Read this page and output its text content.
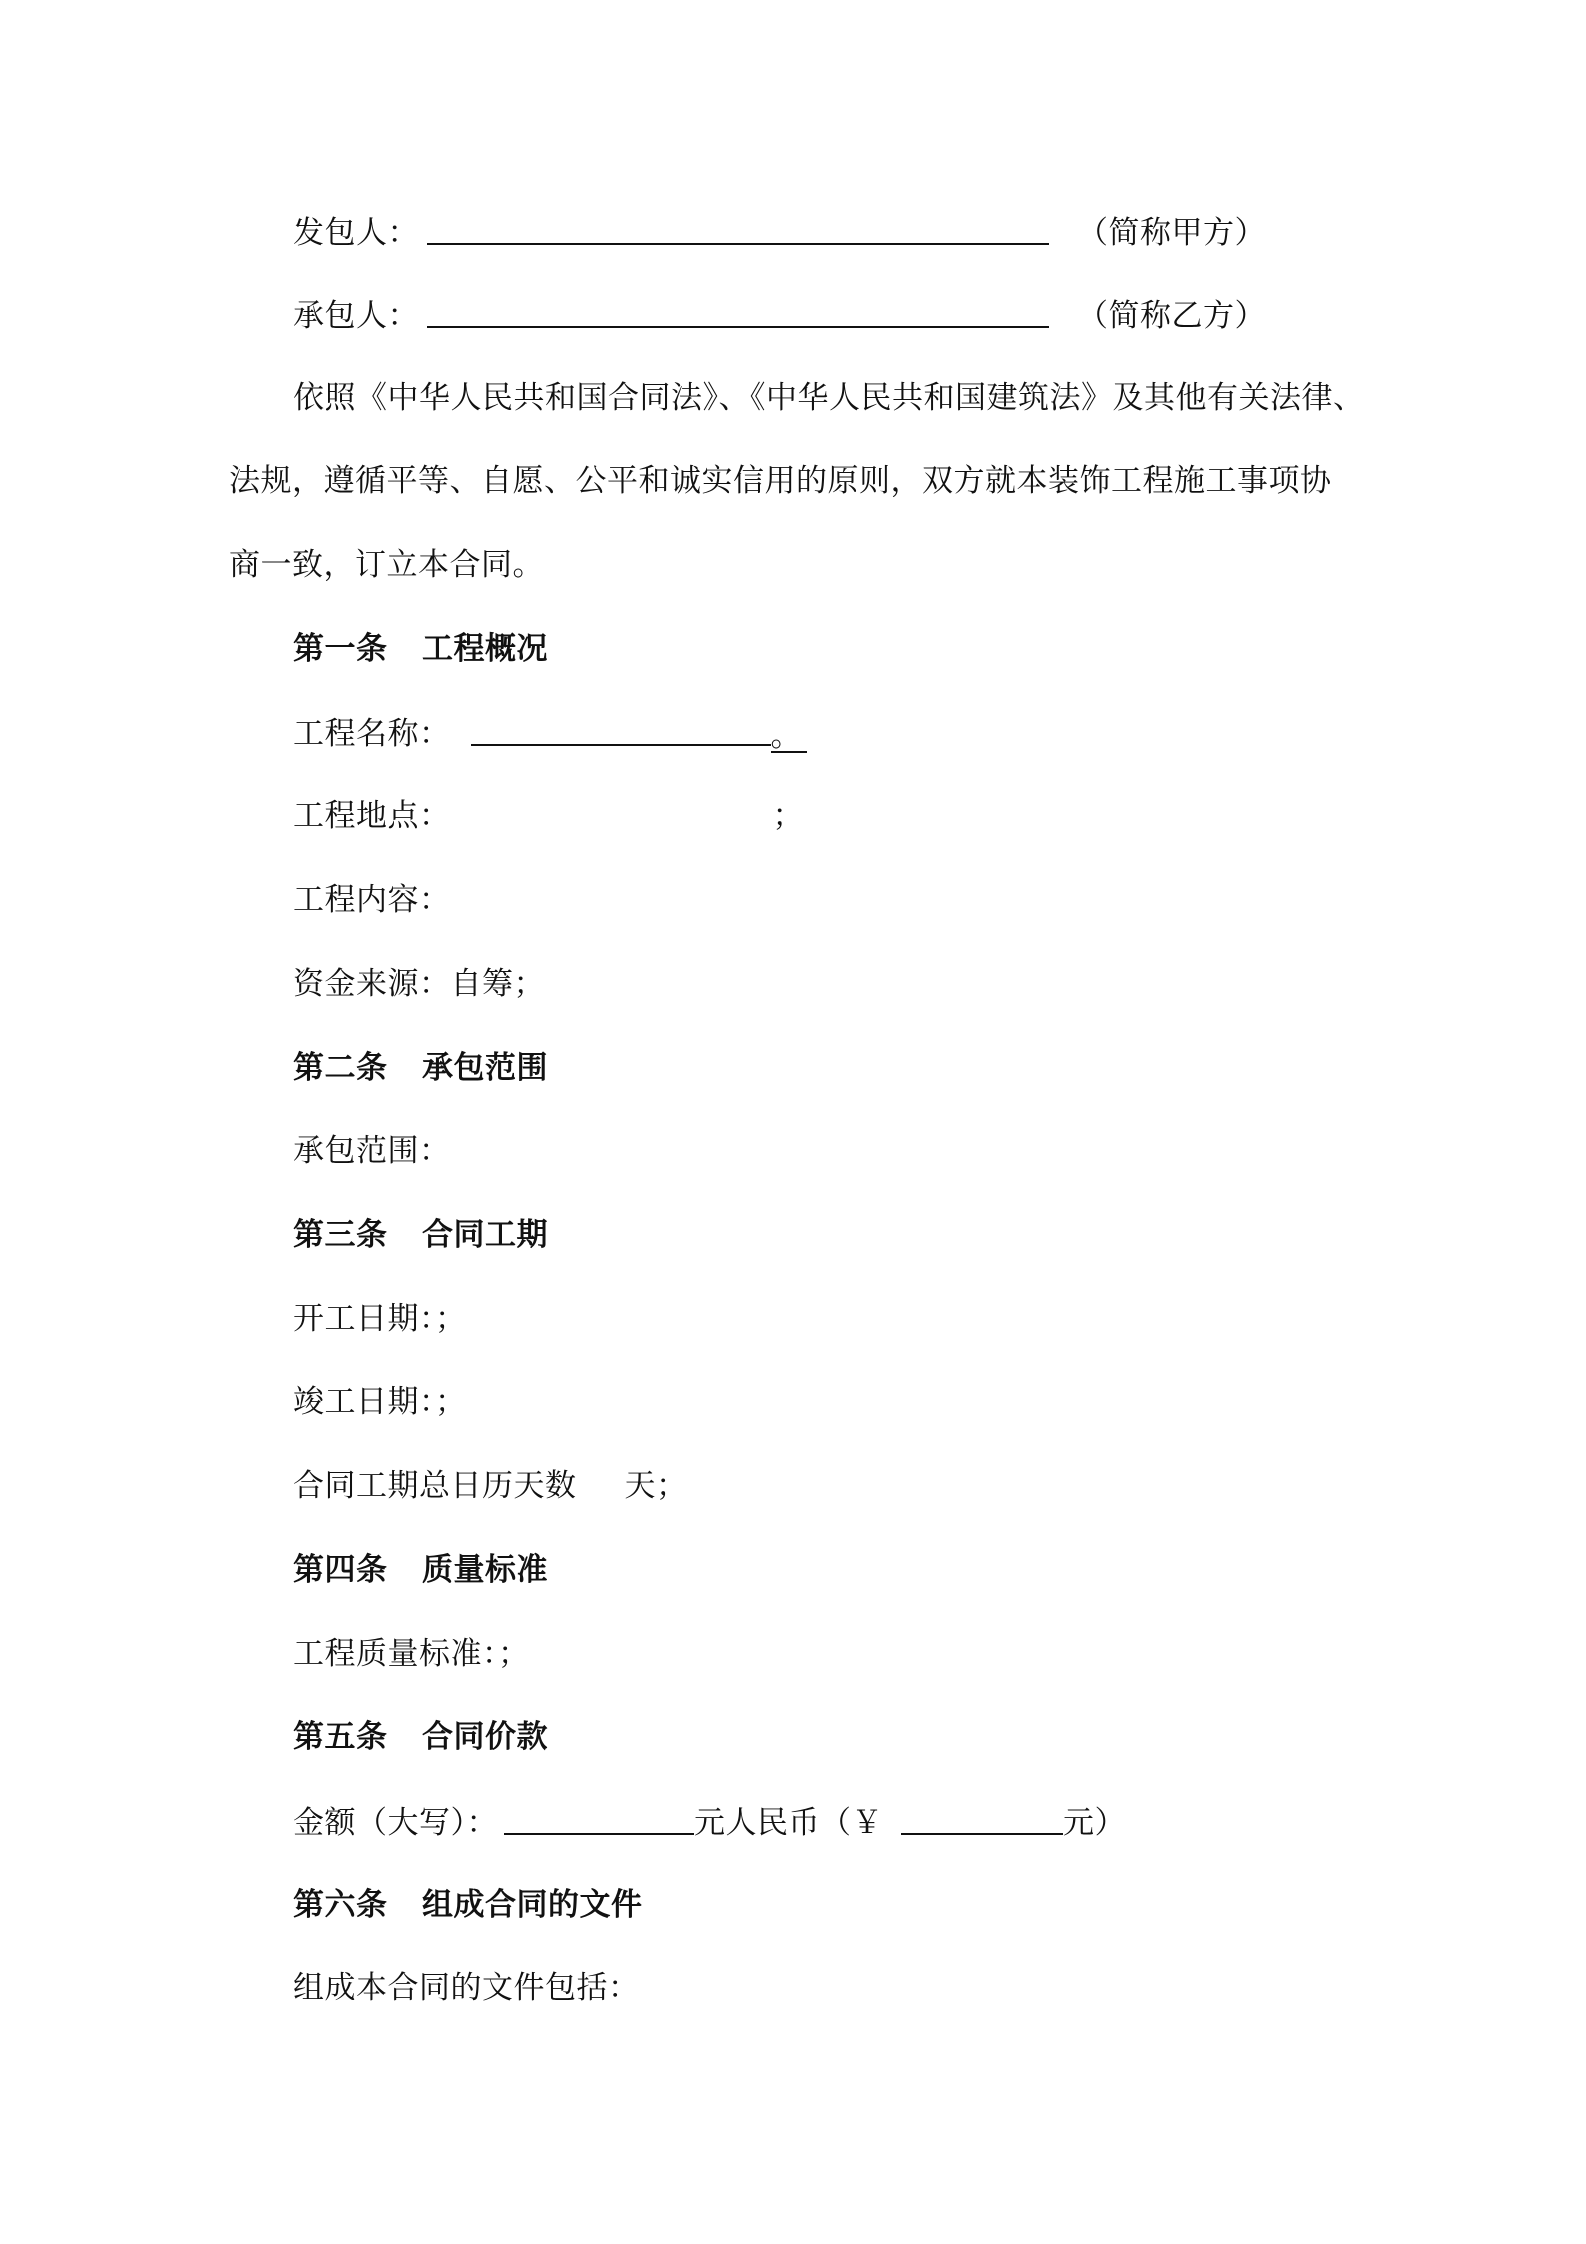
发包人：	（简称甲方）
承包人：	（简称乙方）
依照《中华人民共和国合同法》、《中华人民共和国建筑法》及其他有关法律、
法规，遵循平等、自愿、公平和诚实信用的原则，双方就本装饰工程施工事项协
商一致，订立本合同。
第一条 工程概况
工程名称：	。
工程地点：	；
工程内容：
资金来源：自筹；
第二条 承包范围
承包范围：
第三条 合同工期
开工日期：；
竣工日期：；
合同工期总日历天数 天；
第四条 质量标准
工程质量标准：；
第五条 合同价款
金额（大写）：	元人民币（￥	元）
第六条 组成合同的文件
组成本合同的文件包括：
